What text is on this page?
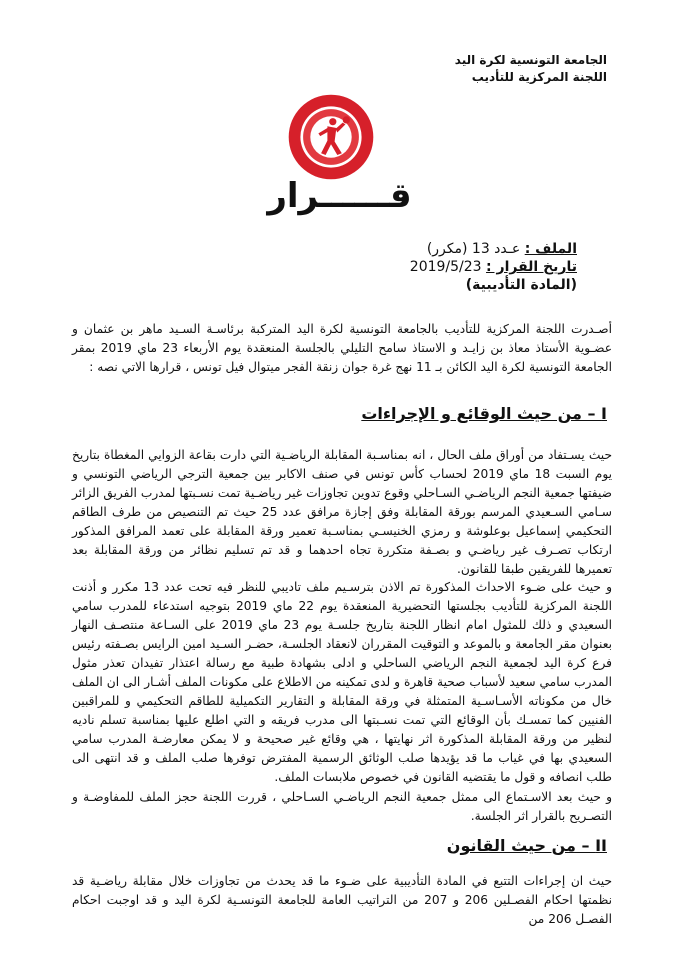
الجامعة التونسية لكرة اليد
اللجنة المركزية للتأديب
قــــــرار
الملف : عـدد 13 (مكرر)
تاريخ القرار : 2019/5/23
(المادة التأديبية)
أصـدرت اللجنة المركزية للتأديب بالجامعة التونسية لكرة اليد المتركبة برئاسـة السـيد ماهر بن عثمان و عضـوية الأستاذ معاذ بن زايـد و الاستاذ سامح التليلي بالجلسة المنعقدة يوم الأربعاء 23 ماي 2019 بمقر الجامعة التونسية لكرة اليد الكائن بـ 11 نهج غرة جوان زنقة الفجر ميتوال فيل تونس ، قرارها الاتي نصه :
I – من حيث الوقائع و الإجراءات
حيث يسـتفاد من أوراق ملف الحال ، انه بمناسـبة المقابلة الرياضـية التي دارت بقاعة الزوايي المغطاة بتاريخ يوم السبت 18 ماي 2019 لحساب كأس تونس في صنف الاكابر بين جمعية الترجي الرياضي التونسي و ضيفتها جمعية النجم الرياضـي السـاحلي وقوع تدوين تجاوزات غير رياضـية تمت نسـبتها لمدرب الفريق الزائر سـامي السـعيدي المرسم بورقة المقابلة وفق إجازة مرافق عدد 25 حيث تم التنصيص من طرف الطاقم التحكيمي إسماعيل بوعلوشة و رمزي الخنيسـي بمناسـبة تعمير ورقة المقابلة على تعمد المرافق المذكور ارتكاب تصـرف غير رياضـي و بصـفة متكررة تجاه احدهما و قد تم تسليم نظائر من ورقة المقابلة بعد تعميرها للفريقين طبقا للقانون.
و حيث على ضـوء الاحداث المذكورة تم الاذن بترسـيم ملف تاديبي للنظر فيه تحت عدد 13 مكرر و أذنت اللجنة المركزية للتأديب بجلستها التحضيرية المنعقدة يوم 22 ماي 2019 بتوجيه استدعاء للمدرب سامي السعيدي و ذلك للمثول امام انظار اللجنة بتاريخ جلسـة يوم 23 ماي 2019 على السـاعة منتصـف النهار بعنوان مقر الجامعة و بالموعد و التوقيت المقرران لانعقاد الجلسـة، حضـر السـيد امين الرايس بصـفته رئيس فرع كرة اليد لجمعية النجم الرياضي الساحلي و ادلى بشهادة طبية مع رسالة اعتذار تفيدان تعذر مثول المدرب سامي سعيد لأسباب صحية قاهرة و لدى تمكينه من الاطلاع على مكونات الملف أشـار الى ان الملف خال من مكوناته الأسـاسـية المتمثلة في ورقة المقابلة و التقارير التكميلية للطاقم التحكيمي و للمراقبين الفنيين كما تمسـك بأن الوقائع التي تمت نسـبتها الى مدرب فريقه و التي اطلع عليها بمناسبة تسلم ناديه لنظير من ورقة المقابلة المذكورة اثر نهايتها ، هي وقائع غير صحيحة و لا يمكن معارضـة المدرب سامي السعيدي بها في غياب ما قد يؤيدها صلب الوثائق الرسمية المفترض توفرها صلب الملف و قد انتهى الى طلب انصافه و قول ما يقتضيه القانون في خصوص ملابسات الملف.
و حيث بعد الاسـتماع الى ممثل جمعية النجم الرياضـي السـاحلي ، قررت اللجنة حجز الملف للمفاوضـة و التصـريح بالقرار اثر الجلسة.
II – من حيث القانون
حيث ان إجراءات التتبع في المادة التأديبية على ضـوء ما قد يحدث من تجاوزات خلال مقابلة رياضـية قد نظمتها احكام الفصـلين 206 و 207 من التراتيب العامة للجامعة التونسـية لكرة اليد و قد اوجبت احكام الفصـل 206 من
